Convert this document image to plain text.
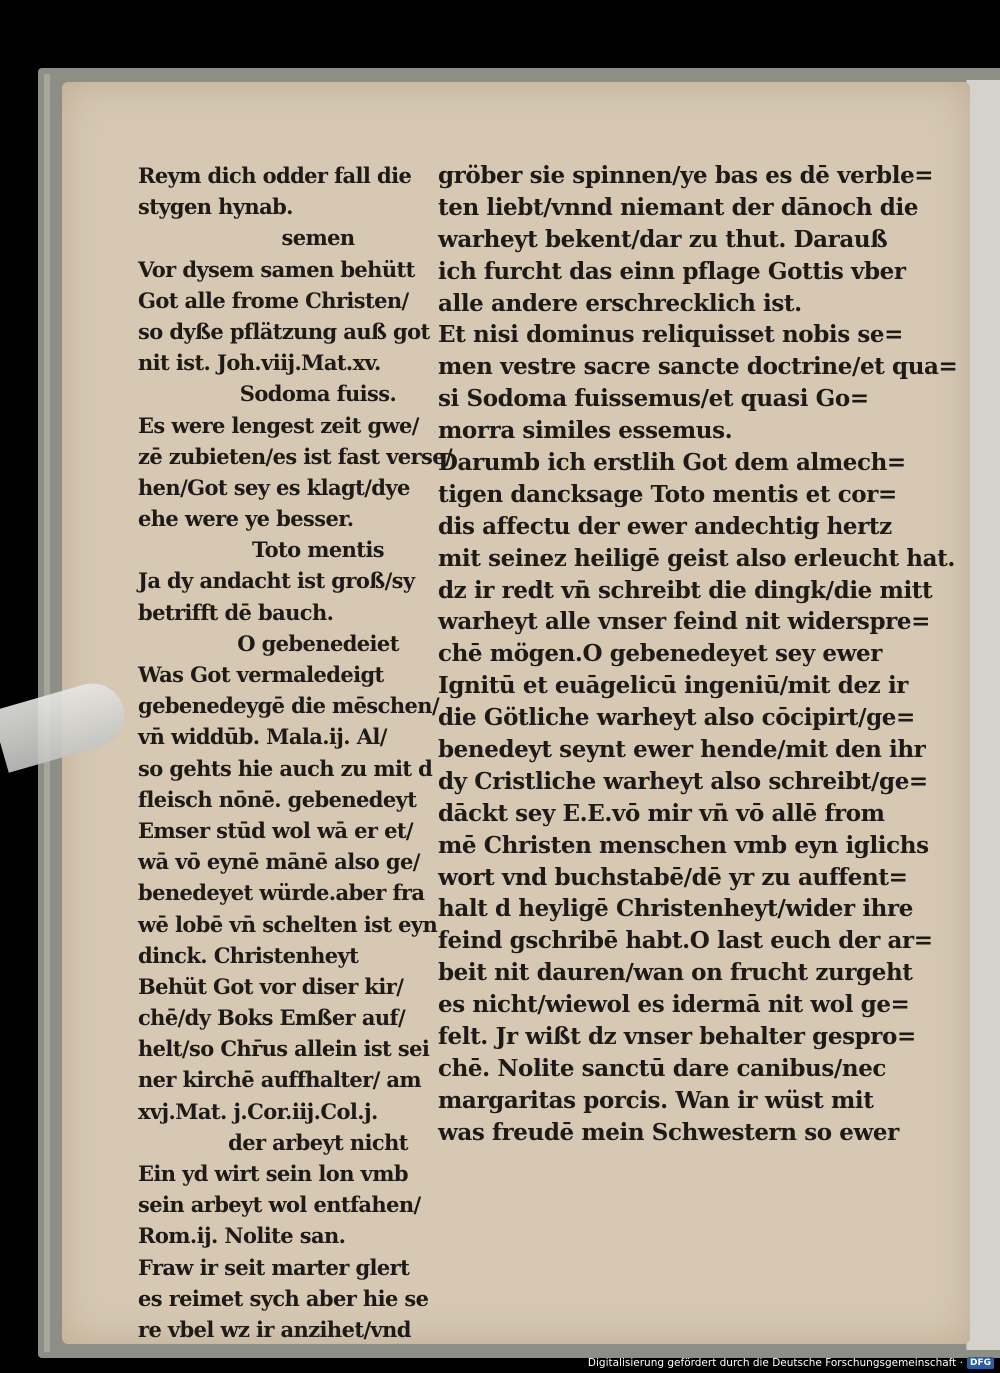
Reym dich odder fall die
stygen hynab.
semen
Vor dysem samen behütt
Got alle frome Christen/
so dyße pflätzung auß got
nit ist. Joh.viij.Mat.xv.
Sodoma fuiss.
Es were lengest zeit gwe/
zē zubieten/es ist fast verse/
hen/Got sey es klagt/dye
ehe were ye besser.
Toto mentis
Ja dy andacht ist groß/sy
betrifft dē bauch.
O gebenedeiet
Was Got vermaledeigt
gebenedeygē die mēschen/
vn̄ widdūb. Mala.ij. Al/
so gehts hie auch zu mit d
fleisch nōnē. gebenedeyt
Emser stūd wol wā er et/
wā vō eynē mānē also ge/
benedeyet würde.aber fra
wē lobē vn̄ schelten ist eyn
dinck. Christenheyt
Behüt Got vor diser kir/
chē/dy Boks Emßer auf/
helt/so Chr̄us allein ist sei
ner kirchē auffhalter/ am
xvj.Mat. j.Cor.iij.Col.j.
der arbeyt nicht
Ein yd wirt sein lon vmb
sein arbeyt wol entfahen/
Rom.ij. Nolite san.
Fraw ir seit marter glert
es reimet sych aber hie se
re vbel wz ir anzihet/vnd
gröber sie spinnen/ye bas es dē verble=
ten liebt/vnnd niemant der dānoch die
warheyt bekent/dar zu thut. Darauß
ich furcht das einn pflage Gottis vber
alle andere erschrecklich ist.
Et nisi dominus reliquisset nobis se=
men vestre sacre sancte doctrine/et qua=
si Sodoma fuissemus/et quasi Go=
morra similes essemus.
Darumb ich erstlih Got dem almech=
tigen dancksage Toto mentis et cor=
dis affectu der ewer andechtig hertz
mit seinez heiligē geist also erleucht hat.
dz ir redt vn̄ schreibt die dingk/die mitt
warheyt alle vnser feind nit widerspre=
chē mögen.O gebenedeyet sey ewer
Ignitū et euāgelicū ingeniū/mit dez ir
die Götliche warheyt also cōcipirt/ge=
benedeyt seynt ewer hende/mit den ihr
dy Cristliche warheyt also schreibt/ge=
dāckt sey E.E.vō mir vn̄ vō allē from
mē Christen menschen vmb eyn iglichs
wort vnd buchstabē/dē yr zu auffent=
halt d heyligē Christenheyt/wider ihre
feind gschribē habt.O last euch der ar=
beit nit dauren/wan on frucht zurgeht
es nicht/wiewol es idermā nit wol ge=
felt. Jr wißt dz vnser behalter gespro=
chē. Nolite sanctū dare canibus/nec
margaritas porcis. Wan ir wüst mit
was freudē mein Schwestern so ewer
Digitalisierung gefördert durch die Deutsche Forschungsgemeinschaft · DFG
